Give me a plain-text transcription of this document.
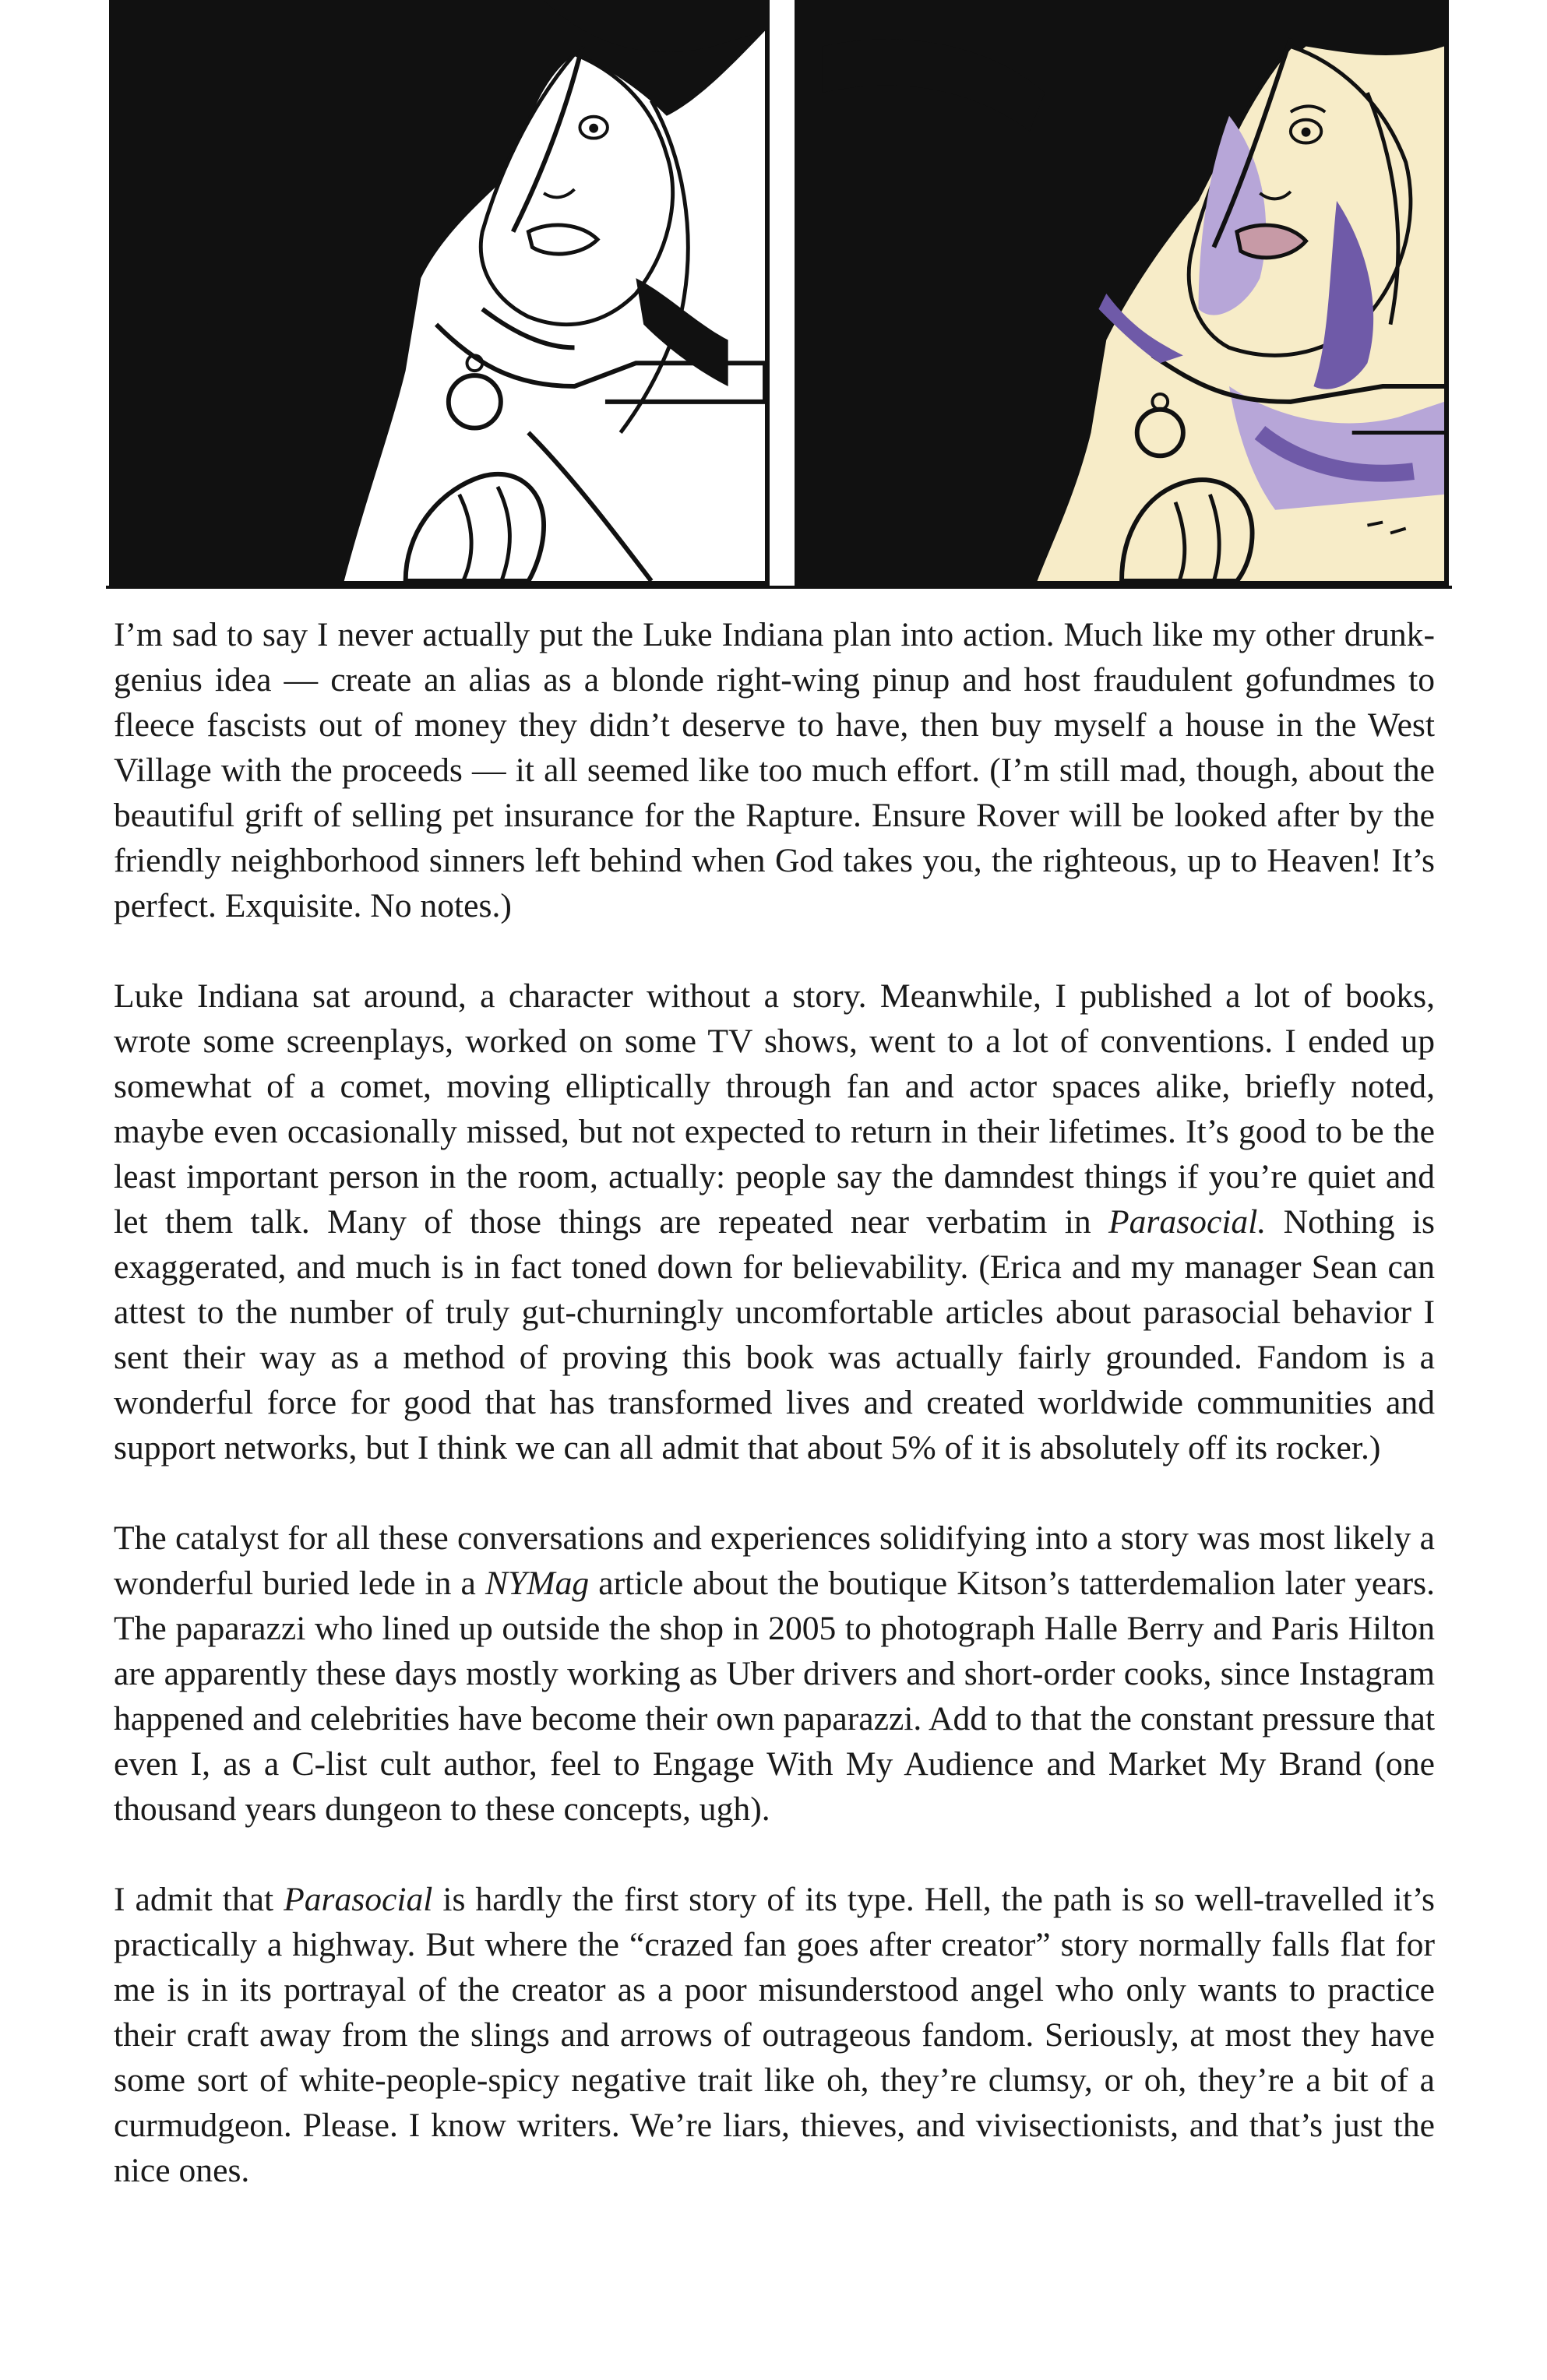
I’m sad to say I never actually put the Luke Indiana plan into action. Much like my other drunk-genius idea — create an alias as a blonde right-wing pinup and host fraudulent gofundmes to fleece fascists out of money they didn’t deserve to have, then buy myself a house in the West Village with the proceeds — it all seemed like too much effort. (I’m still mad, though, about the beautiful grift of selling pet insurance for the Rapture. Ensure Rover will be looked after by the friendly neighborhood sinners left behind when God takes you, the righteous, up to Heaven! It’s perfect. Exquisite. No notes.)

Luke Indiana sat around, a character without a story. Meanwhile, I published a lot of books, wrote some screenplays, worked on some TV shows, went to a lot of conventions. I ended up somewhat of a comet, moving elliptically through fan and actor spaces alike, briefly noted, maybe even occasionally missed, but not expected to return in their lifetimes. It’s good to be the least important person in the room, actually: people say the damndest things if you’re quiet and let them talk. Many of those things are repeated near verbatim in Parasocial. Nothing is exaggerated, and much is in fact toned down for believability. (Erica and my manager Sean can attest to the number of truly gut-churningly uncomfortable articles about parasocial behavior I sent their way as a method of proving this book was actually fairly grounded. Fandom is a wonderful force for good that has transformed lives and created worldwide communities and support networks, but I think we can all admit that about 5% of it is absolutely off its rocker.)

The catalyst for all these conversations and experiences solidifying into a story was most likely a wonderful buried lede in a NYMag article about the boutique Kitson’s tatterdemalion later years. The paparazzi who lined up outside the shop in 2005 to photograph Halle Berry and Paris Hilton are apparently these days mostly working as Uber drivers and short-order cooks, since Instagram happened and celebrities have become their own paparazzi. Add to that the constant pressure that even I, as a C-list cult author, feel to Engage With My Audience and Market My Brand (one thousand years dungeon to these concepts, ugh).

I admit that Parasocial is hardly the first story of its type. Hell, the path is so well-travelled it’s practically a highway. But where the “crazed fan goes after creator” story normally falls flat for me is in its portrayal of the creator as a poor misunderstood angel who only wants to practice their craft away from the slings and arrows of outrageous fandom. Seriously, at most they have some sort of white-people-spicy negative trait like oh, they’re clumsy, or oh, they’re a bit of a curmudgeon. Please. I know writers. We’re liars, thieves, and vivisectionists, and that’s just the nice ones.
